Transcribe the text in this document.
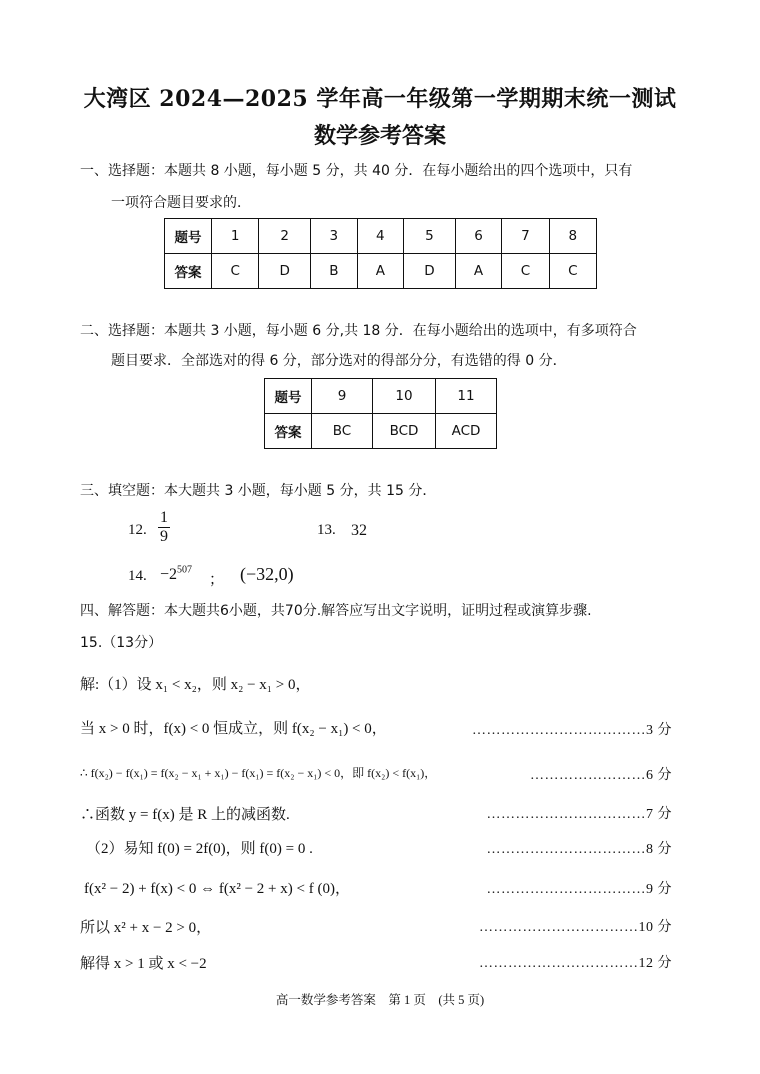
大湾区 2024—2025 学年高一年级第一学期期末统一测试
数学参考答案
一、选择题：本题共 8 小题，每小题 5 分，共 40 分．在每小题给出的四个选项中，只有
一项符合题目要求的．
题号	1	2	3	4	5	6	7	8
答案	C	D	B	A	D	A	C	C
二、选择题：本题共 3 小题，每小题 6 分,共 18 分．在每小题给出的选项中，有多项符合
题目要求．全部选对的得 6 分，部分选对的得部分分，有选错的得 0 分．
题号	9	10	11
答案	BC	BCD	ACD
三、填空题：本大题共 3 小题，每小题 5 分，共 15 分．
12. $\frac{1}{9}$	13. 32
14. $-2^{507}$
； (−32,0)
四、解答题：本大题共6小题，共70分.解答应写出文字说明，证明过程或演算步骤.
15.（13分）
解:（1）设 x₁ < x₂，则 x₂ − x₁ > 0，
当 x > 0 时，f(x) < 0 恒成立，则 f(x₂ − x₁) < 0，	………………………………3 分
∴ f(x₂) − f(x₁) = f(x₂ − x₁ + x₁) − f(x₁) = f(x₂ − x₁) < 0，即 f(x₂) < f(x₁)，	……………………6 分
∴函数 y = f(x) 是 R 上的减函数.	……………………………7 分
（2）易知 f(0) = 2f(0)，则 f(0) = 0 .	……………………………8 分
f(x² − 2) + f(x) < 0 ⇔ f(x² − 2 + x) < f (0)，	……………………………9 分
所以 x² + x − 2 > 0，	……………………………10 分
解得 x > 1 或 x < −2	……………………………12 分
高一数学参考答案　第 1 页　(共 5 页)
